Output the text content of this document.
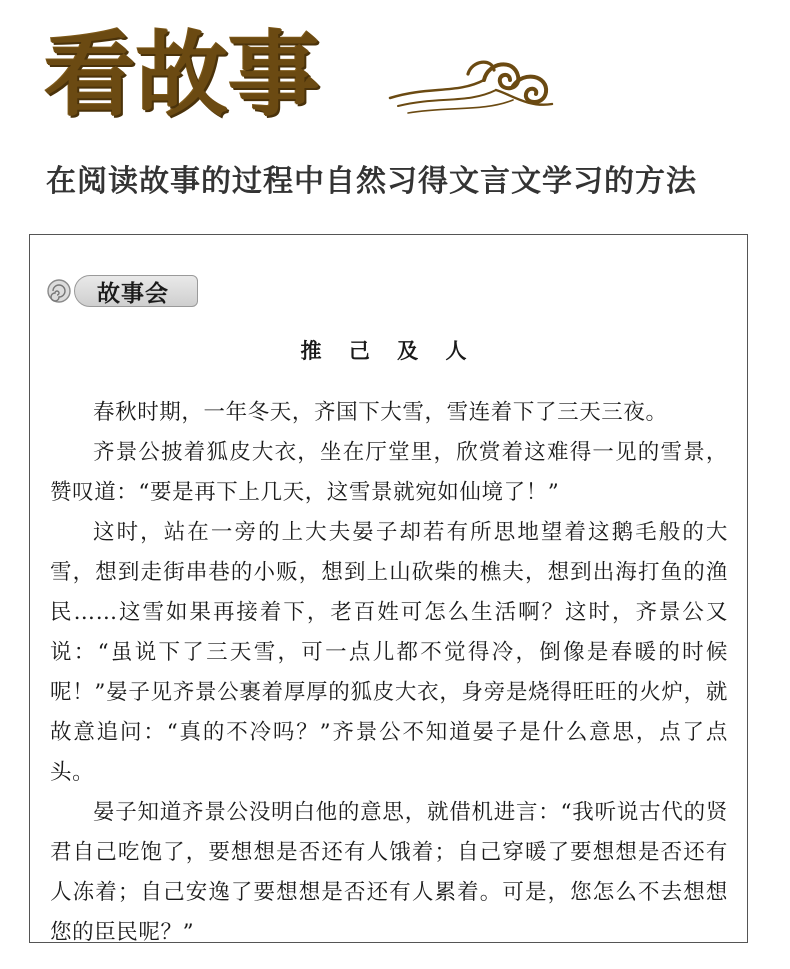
看故事
在阅读故事的过程中自然习得文言文学习的方法
故事会
推 己 及 人

春秋时期，一年冬天，齐国下大雪，雪连着下了三天三夜。

齐景公披着狐皮大衣，坐在厅堂里，欣赏着这难得一见的雪景，赞叹道：“要是再下上几天，这雪景就宛如仙境了！”

这时，站在一旁的上大夫晏子却若有所思地望着这鹅毛般的大雪，想到走街串巷的小贩，想到上山砍柴的樵夫，想到出海打鱼的渔民……这雪如果再接着下，老百姓可怎么生活啊？这时，齐景公又说：“虽说下了三天雪，可一点儿都不觉得冷，倒像是春暖的时候呢！”晏子见齐景公裹着厚厚的狐皮大衣，身旁是烧得旺旺的火炉，就故意追问：“真的不冷吗？”齐景公不知道晏子是什么意思，点了点头。

晏子知道齐景公没明白他的意思，就借机进言：“我听说古代的贤君自己吃饱了，要想想是否还有人饿着；自己穿暖了要想想是否还有人冻着；自己安逸了要想想是否还有人累着。可是，您怎么不去想想您的臣民呢？”
